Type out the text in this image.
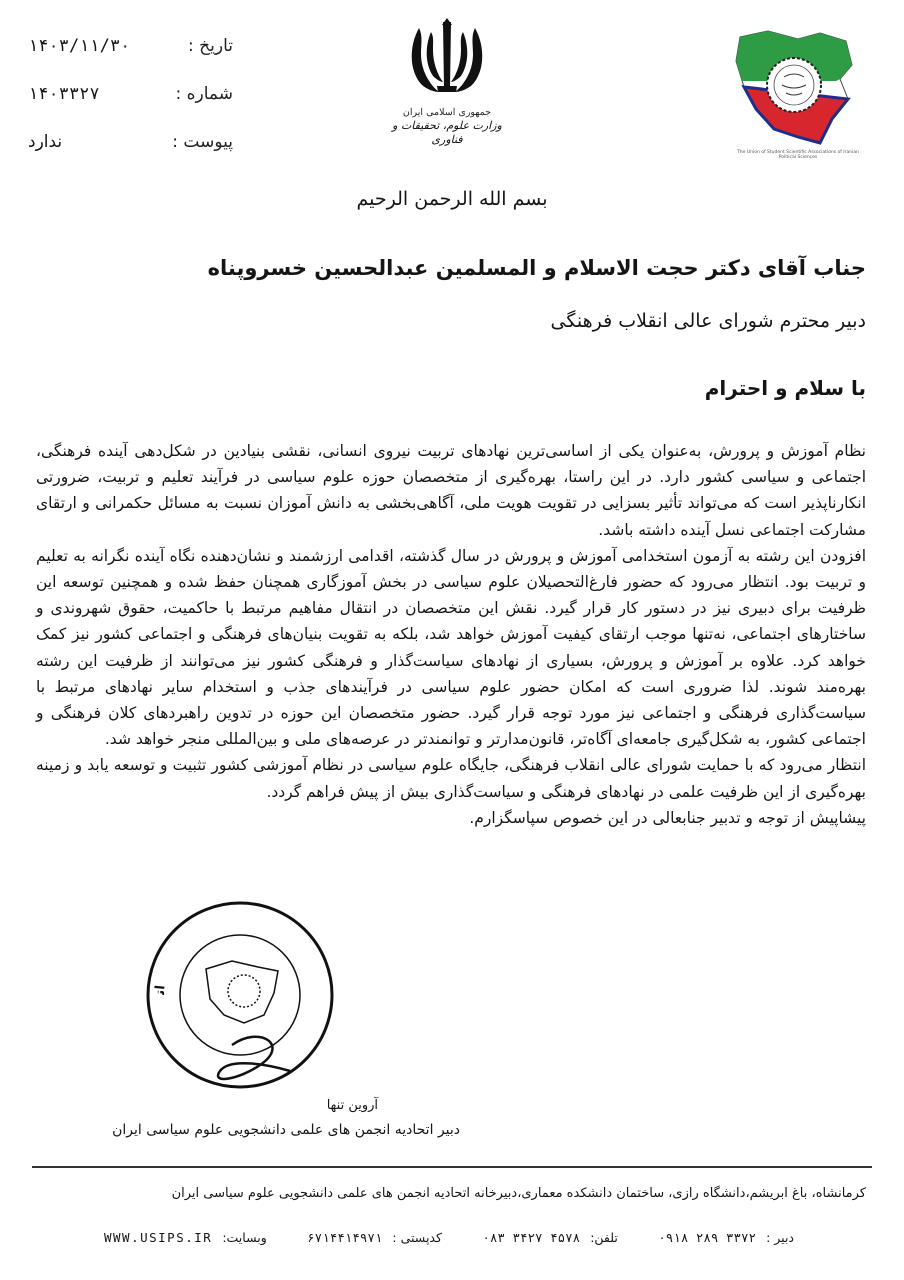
تاریخ :
۱۴۰۳/۱۱/۳۰
شماره :
۱۴۰۳۳۲۷
پیوست :
ندارد
جمهوری اسلامی ایران
وزارت علوم، تحقیقات و فناوری
The Union of Student Scientific Associations of Iranian Political Sciences
بسم الله الرحمن الرحیم
جناب آقای دکتر حجت الاسلام و المسلمین عبدالحسین خسروپناه
دبیر محترم شورای عالی انقلاب فرهنگی
با سلام و احترام

نظام آموزش و پرورش، به‌عنوان یکی از اساسی‌ترین نهادهای تربیت نیروی انسانی، نقشی بنیادین در شکل‌دهی آینده فرهنگی، اجتماعی و سیاسی کشور دارد. در این راستا، بهره‌گیری از متخصصان حوزه علوم سیاسی در فرآیند تعلیم و تربیت، ضرورتی انکارناپذیر است که می‌تواند تأثیر بسزایی در تقویت هویت ملی، آگاهی‌بخشی به دانش آموزان نسبت به مسائل حکمرانی و ارتقای مشارکت اجتماعی نسل آینده داشته باشد.

افزودن این رشته به آزمون استخدامی آموزش و پرورش در سال گذشته، اقدامی ارزشمند و نشان‌دهنده نگاه آینده نگرانه به تعلیم و تربیت بود. انتظار می‌رود که حضور فارغ‌التحصیلان علوم سیاسی در بخش آموزگاری همچنان حفظ شده و همچنین توسعه این ظرفیت برای دبیری نیز در دستور کار قرار گیرد. نقش این متخصصان در انتقال مفاهیم مرتبط با حاکمیت، حقوق شهروندی و ساختارهای اجتماعی، نه‌تنها موجب ارتقای کیفیت آموزش خواهد شد، بلکه به تقویت بنیان‌های فرهنگی و اجتماعی کشور نیز کمک خواهد کرد. علاوه بر آموزش و پرورش، بسیاری از نهادهای سیاست‌گذار و فرهنگی کشور نیز می‌توانند از ظرفیت این رشته بهره‌مند شوند. لذا ضروری است که امکان حضور علوم سیاسی در فرآیندهای جذب و استخدام سایر نهادهای مرتبط با سیاست‌گذاری فرهنگی و اجتماعی نیز مورد توجه قرار گیرد. حضور متخصصان این حوزه در تدوین راهبردهای کلان فرهنگی و اجتماعی کشور، به شکل‌گیری جامعه‌ای آگاه‌تر، قانون‌مدارتر و توانمندتر در عرصه‌های ملی و بین‌المللی منجر خواهد شد.

انتظار می‌رود که با حمایت شورای عالی انقلاب فرهنگی، جایگاه علوم سیاسی در نظام آموزشی کشور تثبیت و توسعه یابد و زمینه بهره‌گیری از این ظرفیت علمی در نهادهای فرهنگی و سیاست‌گذاری بیش از پیش فراهم گردد.

پیشاپیش از توجه و تدبیر جنابعالی در این خصوص سپاسگزارم.

ات
آروین تنها
دبیر اتحادیه انجمن های علمی دانشجویی علوم سیاسی ایران
کرمانشاه، باغ ابریشم،دانشگاه رازی، ساختمان دانشکده معماری،دبیرخانه اتحادیه انجمن های علمی دانشجویی علوم سیاسی ایران
دبیر :
۰۹۱۸ ۲۸۹ ۳۳۷۲
تلفن:
۰۸۳ ۳۴۲۷ ۴۵۷۸
کدپستی :
۶۷۱۴۴۱۴۹۷۱
وبسایت:
WWW.USIPS.IR
